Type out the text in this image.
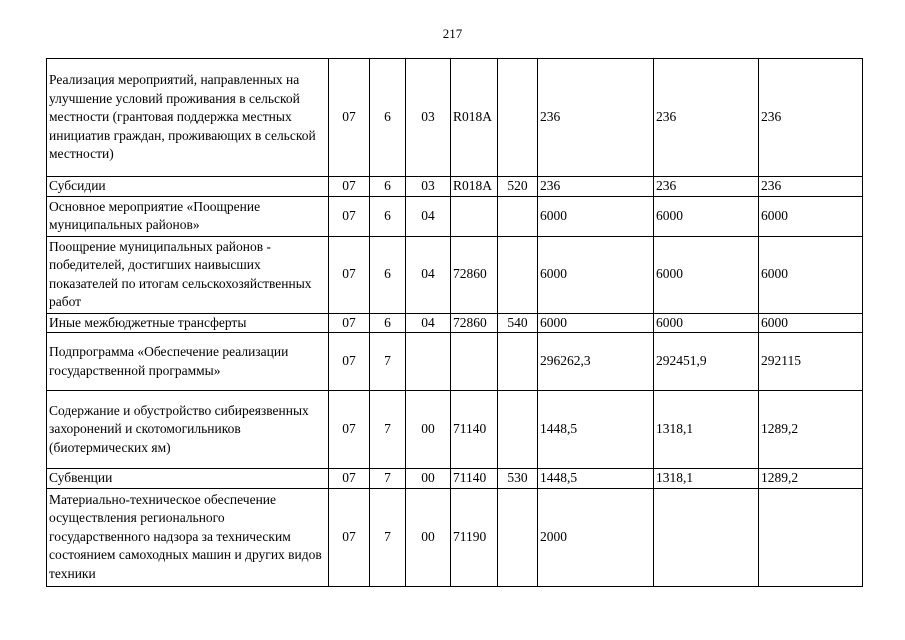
217
Реализация мероприятий, направленных на улучшение условий проживания в сельской местности (грантовая поддержка местных инициатив граждан, проживающих в сельской местности)	07	6	03	R018A		236	236	236
Субсидии	07	6	03	R018A	520	236	236	236
Основное мероприятие «Поощрение муниципальных районов»	07	6	04			6000	6000	6000
Поощрение муниципальных районов - победителей, достигших наивысших показателей по итогам сельскохозяйственных работ	07	6	04	72860		6000	6000	6000
Иные межбюджетные трансферты	07	6	04	72860	540	6000	6000	6000
Подпрограмма «Обеспечение реализации государственной программы»	07	7				296262,3	292451,9	292115
Содержание и обустройство сибиреязвенных захоронений и скотомогильников (биотермических ям)	07	7	00	71140		1448,5	1318,1	1289,2
Субвенции	07	7	00	71140	530	1448,5	1318,1	1289,2
Материально-техническое обеспечение осуществления регионального государственного надзора за техническим состоянием самоходных машин и других видов техники	07	7	00	71190		2000		
